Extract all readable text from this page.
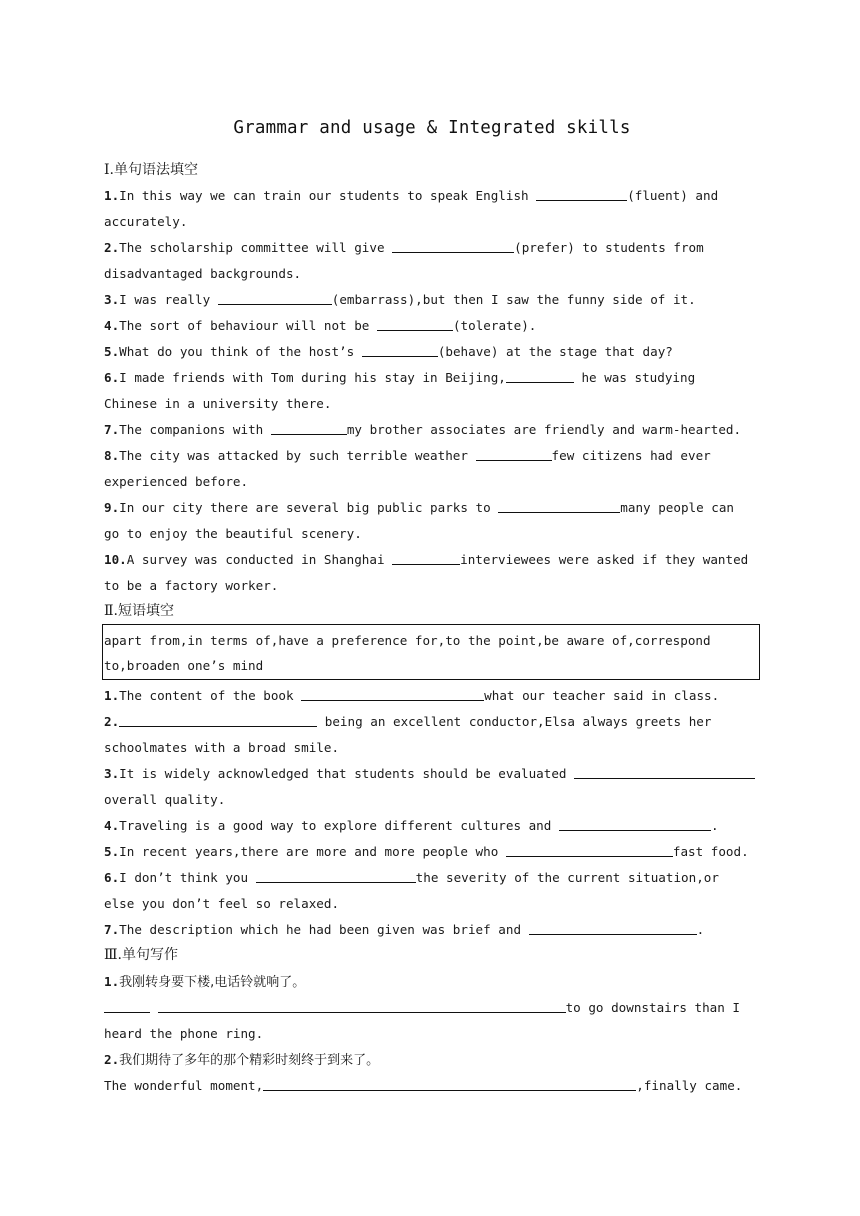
Grammar and usage & Integrated skills
Ⅰ.单句语法填空
1.In this way we can train our students to speak English	(fluent) and
accurately.
2.The scholarship committee will give	(prefer) to students from
disadvantaged backgrounds.
3.I was really	(embarrass),but then I saw the funny side of it.
4.The sort of behaviour will not be	(tolerate).
5.What do you think of the host’s	(behave) at the stage that day?
6.I made friends with Tom during his stay in Beijing,	he was studying
Chinese in a university there.
7.The companions with	my brother associates are friendly and warm-hearted.
8.The city was attacked by such terrible weather	few citizens had ever
experienced before.
9.In our city there are several big public parks to	many people can
go to enjoy the beautiful scenery.
10.A survey was conducted in Shanghai	interviewees were asked if they wanted
to be a factory worker.
Ⅱ.短语填空
apart from,in terms of,have a preference for,to the point,be aware of,correspond
to,broaden one’s mind
1.The content of the book	what our teacher said in class.
2.	being an excellent conductor,Elsa always greets her
schoolmates with a broad smile.
3.It is widely acknowledged that students should be evaluated
overall quality.
4.Traveling is a good way to explore different cultures and	.
5.In recent years,there are more and more people who	fast food.
6.I don’t think you	the severity of the current situation,or
else you don’t feel so relaxed.
7.The description which he had been given was brief and	.
Ⅲ.单句写作
1.我刚转身要下楼,电话铃就响了。
to go downstairs than I
heard the phone ring.
2.我们期待了多年的那个精彩时刻终于到来了。
The wonderful moment,	,finally came.
